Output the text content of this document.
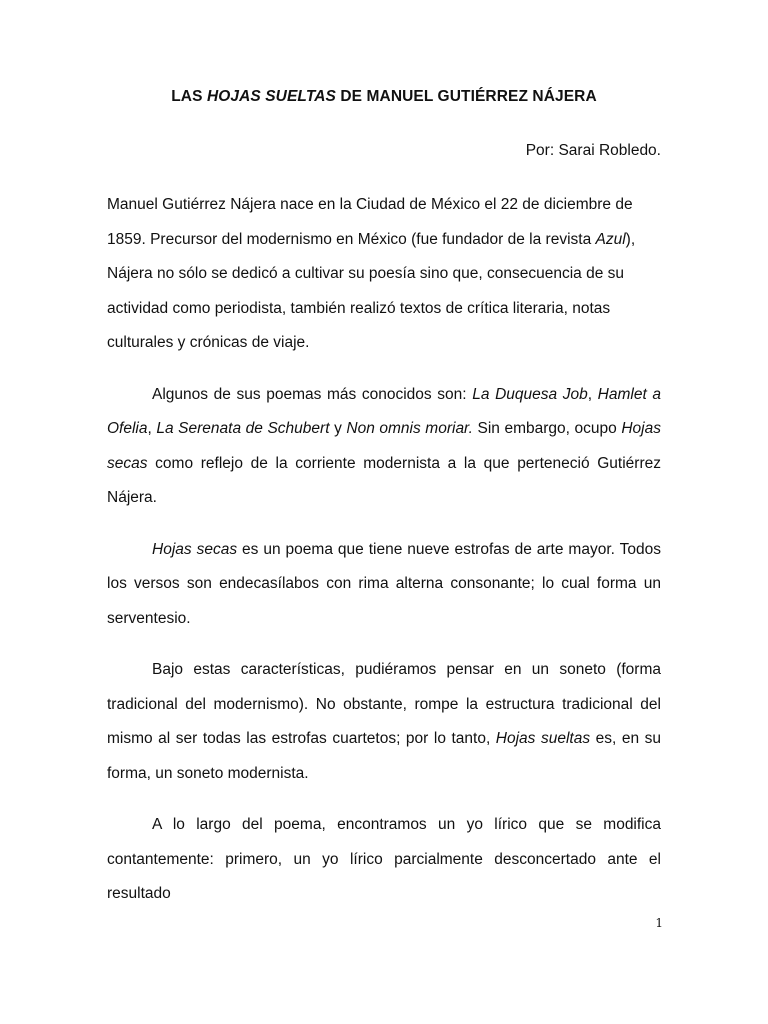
LAS HOJAS SUELTAS DE MANUEL GUTIÉRREZ NÁJERA
Por: Sarai Robledo.

Manuel Gutiérrez Nájera nace en la Ciudad de México el 22 de diciembre de 1859. Precursor del modernismo en México (fue fundador de la revista Azul), Nájera no sólo se dedicó a cultivar su poesía sino que, consecuencia de su actividad como periodista, también realizó textos de crítica literaria, notas culturales y crónicas de viaje.

Algunos de sus poemas más conocidos son: La Duquesa Job, Hamlet a Ofelia, La Serenata de Schubert y Non omnis moriar. Sin embargo, ocupo Hojas secas como reflejo de la corriente modernista a la que perteneció Gutiérrez Nájera.

Hojas secas es un poema que tiene nueve estrofas de arte mayor. Todos los versos son endecasílabos con rima alterna consonante; lo cual forma un serventesio.

Bajo estas características, pudiéramos pensar en un soneto (forma tradicional del modernismo). No obstante, rompe la estructura tradicional del mismo al ser todas las estrofas cuartetos; por lo tanto, Hojas sueltas es, en su forma, un soneto modernista.

A lo largo del poema, encontramos un yo lírico que se modifica contantemente: primero, un yo lírico parcialmente desconcertado ante el resultado

1
